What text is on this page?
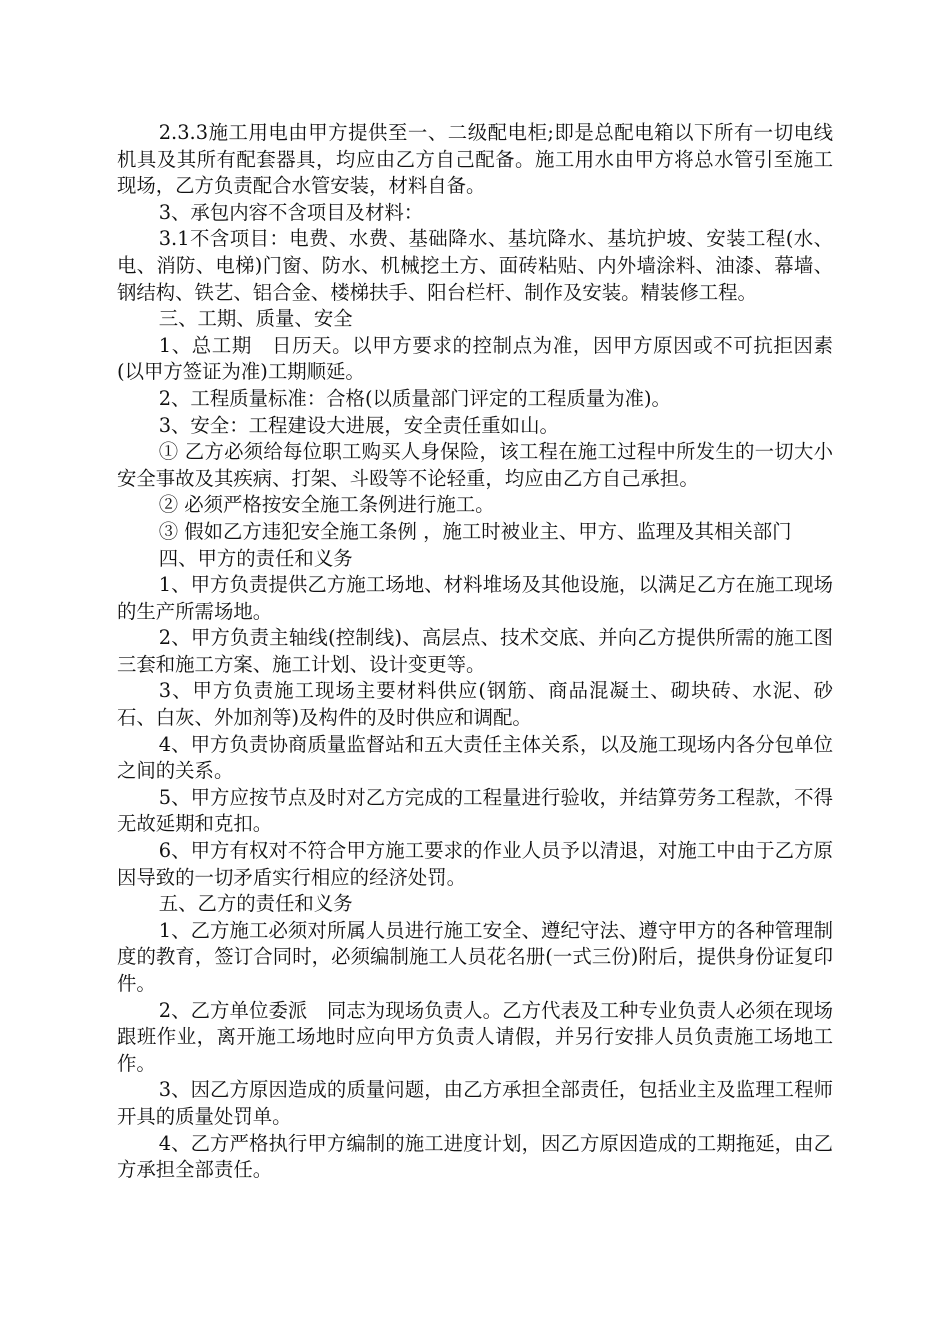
2.3.3施工用电由甲方提供至一、二级配电柜;即是总配电箱以下所有一切电线机具及其所有配套器具，均应由乙方自己配备。施工用水由甲方将总水管引至施工现场，乙方负责配合水管安装，材料自备。

3、承包内容不含项目及材料：

3.1不含项目：电费、水费、基础降水、基坑降水、基坑护坡、安装工程(水、电、消防、电梯)门窗、防水、机械挖土方、面砖粘贴、内外墙涂料、油漆、幕墙、钢结构、铁艺、铝合金、楼梯扶手、阳台栏杆、制作及安装。精装修工程。

三、工期、质量、安全

1、总工期　日历天。以甲方要求的控制点为准，因甲方原因或不可抗拒因素(以甲方签证为准)工期顺延。

2、工程质量标准：合格(以质量部门评定的工程质量为准)。

3、安全：工程建设大进展，安全责任重如山。

① 乙方必须给每位职工购买人身保险，该工程在施工过程中所发生的一切大小安全事故及其疾病、打架、斗殴等不论轻重，均应由乙方自己承担。

② 必须严格按安全施工条例进行施工。

③ 假如乙方违犯安全施工条例 ，施工时被业主、甲方、监理及其相关部门

四、甲方的责任和义务

1、甲方负责提供乙方施工场地、材料堆场及其他设施，以满足乙方在施工现场的生产所需场地。

2、甲方负责主轴线(控制线)、高层点、技术交底、并向乙方提供所需的施工图三套和施工方案、施工计划、设计变更等。

3、甲方负责施工现场主要材料供应(钢筋、商品混凝土、砌块砖、水泥、砂石、白灰、外加剂等)及构件的及时供应和调配。

4、甲方负责协商质量监督站和五大责任主体关系，以及施工现场内各分包单位之间的关系。

5、甲方应按节点及时对乙方完成的工程量进行验收，并结算劳务工程款，不得无故延期和克扣。

6、甲方有权对不符合甲方施工要求的作业人员予以清退，对施工中由于乙方原因导致的一切矛盾实行相应的经济处罚。

五、乙方的责任和义务

1、乙方施工必须对所属人员进行施工安全、遵纪守法、遵守甲方的各种管理制度的教育，签订合同时，必须编制施工人员花名册(一式三份)附后，提供身份证复印件。

2、乙方单位委派　同志为现场负责人。乙方代表及工种专业负责人必须在现场跟班作业，离开施工场地时应向甲方负责人请假，并另行安排人员负责施工场地工作。

3、因乙方原因造成的质量问题，由乙方承担全部责任，包括业主及监理工程师开具的质量处罚单。

4、乙方严格执行甲方编制的施工进度计划，因乙方原因造成的工期拖延，由乙方承担全部责任。
